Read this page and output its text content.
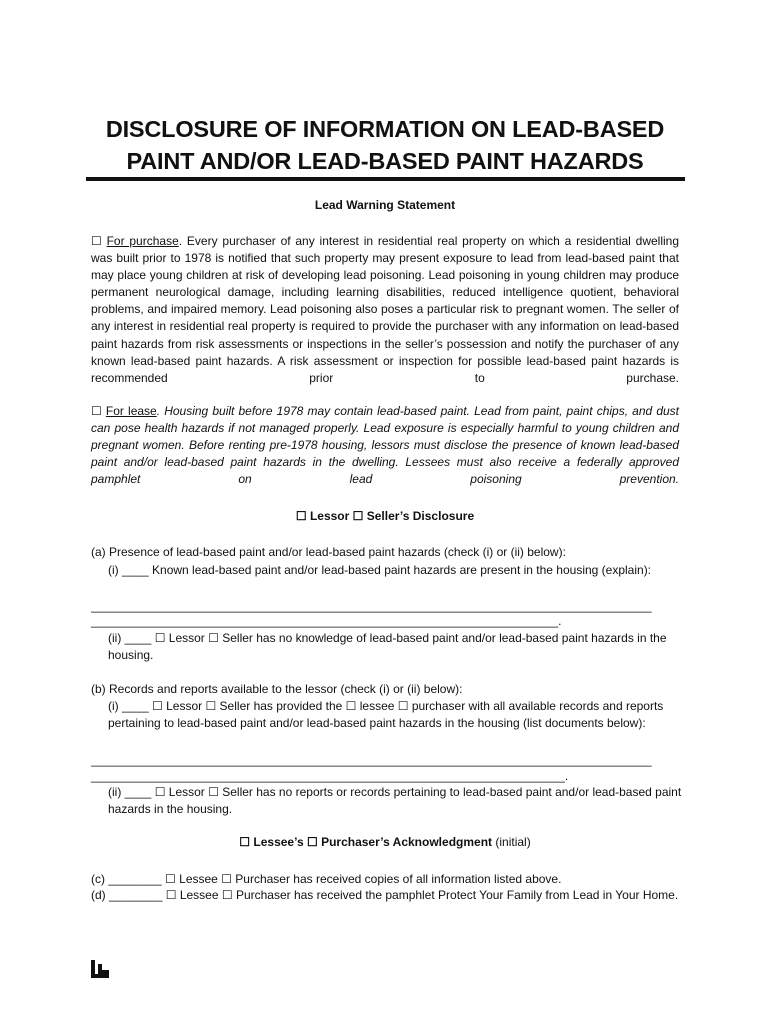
DISCLOSURE OF INFORMATION ON LEAD-BASED
PAINT AND/OR LEAD-BASED PAINT HAZARDS
Lead Warning Statement
☐ For purchase. Every purchaser of any interest in residential real property on which a residential dwelling was built prior to 1978 is notified that such property may present exposure to lead from lead-based paint that may place young children at risk of developing lead poisoning. Lead poisoning in young children may produce permanent neurological damage, including learning disabilities, reduced intelligence quotient, behavioral problems, and impaired memory. Lead poisoning also poses a particular risk to pregnant women. The seller of any interest in residential real property is required to provide the purchaser with any information on lead-based paint hazards from risk assessments or inspections in the seller’s possession and notify the purchaser of any known lead-based paint hazards. A risk assessment or inspection for possible lead-based paint hazards is recommended prior to purchase.
☐ For lease. Housing built before 1978 may contain lead-based paint. Lead from paint, paint chips, and dust can pose health hazards if not managed properly. Lead exposure is especially harmful to young children and pregnant women. Before renting pre-1978 housing, lessors must disclose the presence of known lead-based paint and/or lead-based paint hazards in the dwelling. Lessees must also receive a federally approved pamphlet on lead poisoning prevention.
☐ Lessor ☐ Seller’s Disclosure
(a) Presence of lead-based paint and/or lead-based paint hazards (check (i) or (ii) below):
(i) ____ Known lead-based paint and/or lead-based paint hazards are present in the housing (explain):
____________________________________________________________________________________
______________________________________________________________________.
(ii) ____ ☐ Lessor ☐ Seller has no knowledge of lead-based paint and/or lead-based paint hazards in the housing.
(b) Records and reports available to the lessor (check (i) or (ii) below):
(i) ____ ☐ Lessor ☐ Seller has provided the ☐ lessee ☐ purchaser with all available records and reports pertaining to lead-based paint and/or lead-based paint hazards in the housing (list documents below):
____________________________________________________________________________________
_______________________________________________________________________.
(ii) ____ ☐ Lessor ☐ Seller has no reports or records pertaining to lead-based paint and/or lead-based paint hazards in the housing.
☐ Lessee’s ☐ Purchaser’s Acknowledgment (initial)
(c) ________ ☐ Lessee ☐ Purchaser has received copies of all information listed above.
(d) ________ ☐ Lessee ☐ Purchaser has received the pamphlet Protect Your Family from Lead in Your Home.
